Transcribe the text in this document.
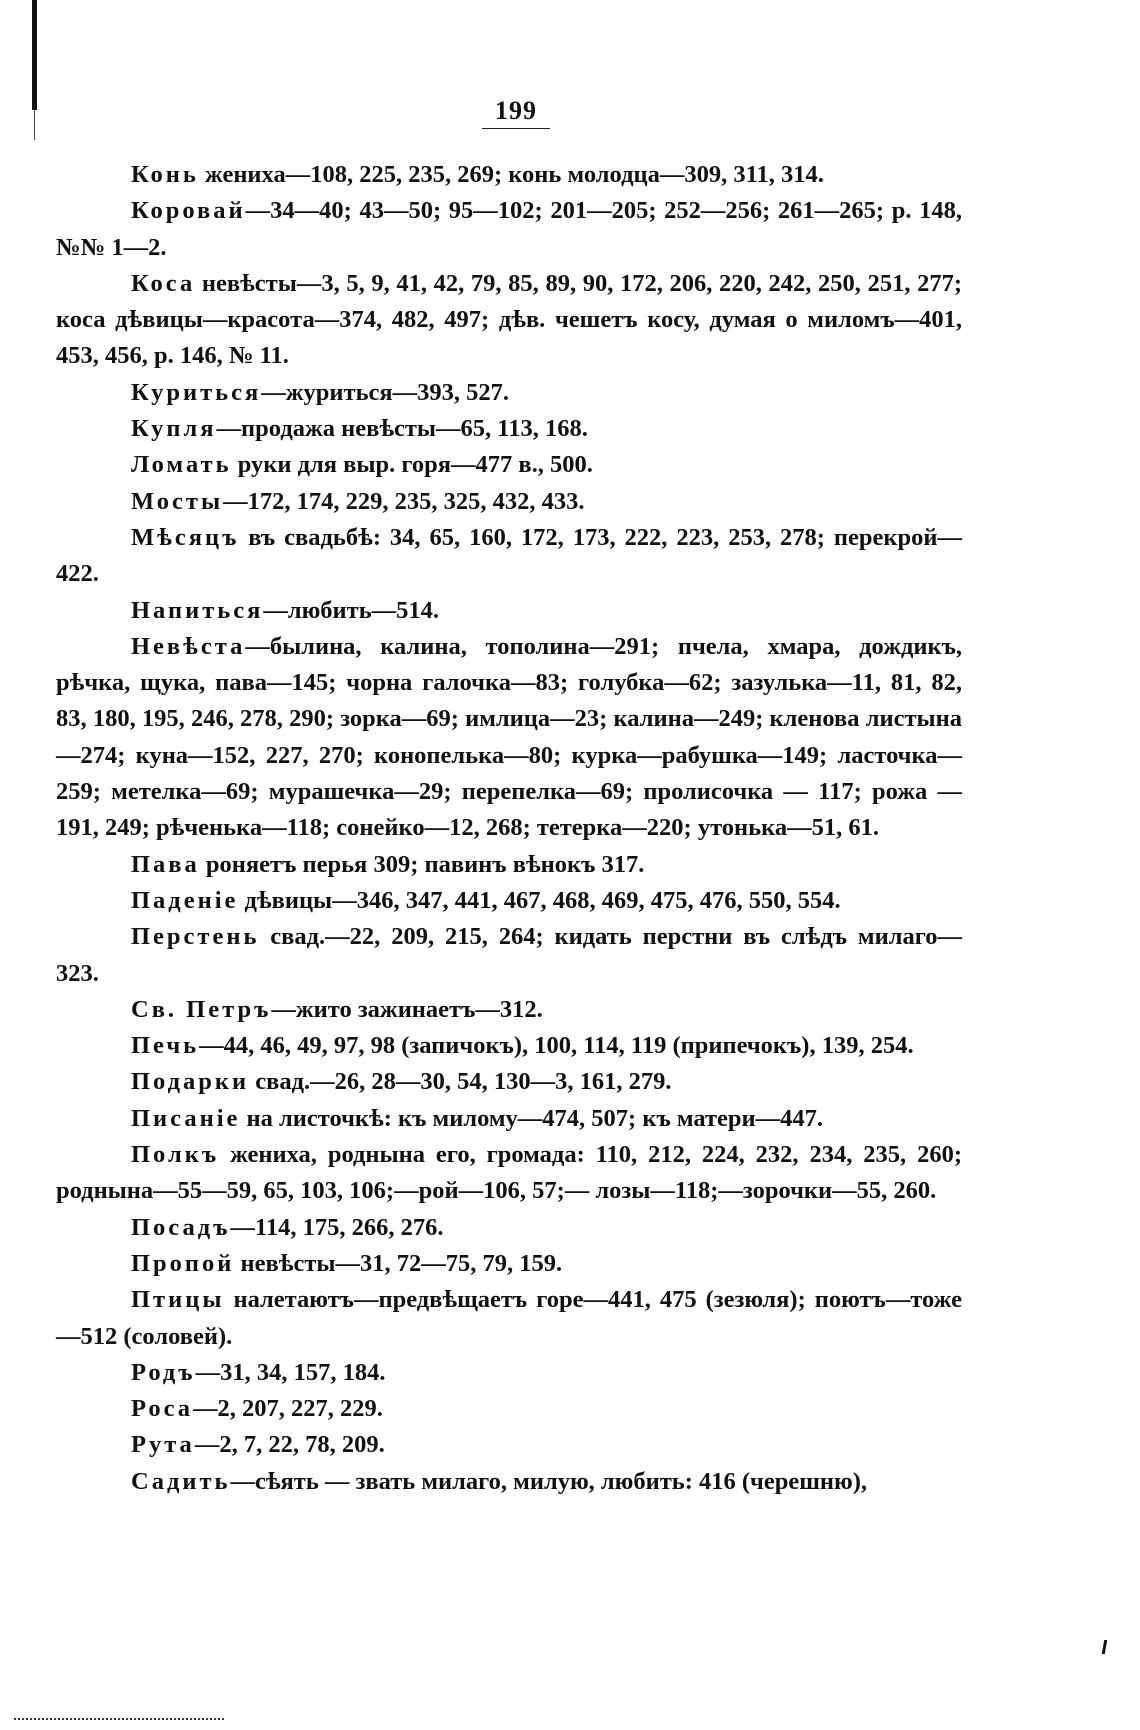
199

Конь жениха—108, 225, 235, 269; конь молодца—309, 311, 314.

Коровай—34—40; 43—50; 95—102; 201—205; 252—256; 261—265; р. 148, №№ 1—2.

Коса невѣсты—3, 5, 9, 41, 42, 79, 85, 89, 90, 172, 206, 220, 242, 250, 251, 277; коса дѣвицы—красота—374, 482, 497; дѣв. чешетъ косу, думая о миломъ—401, 453, 456, р. 146, № 11.

Куриться—журиться—393, 527.

Купля—продажа невѣсты—65, 113, 168.

Ломать руки для выр. горя—477 в., 500.

Мосты—172, 174, 229, 235, 325, 432, 433.

Мѣсяцъ въ свадьбѣ: 34, 65, 160, 172, 173, 222, 223, 253, 278; перекрой—422.

Напиться—любить—514.

Невѣста—былина, калина, тополина—291; пчела, хмара, дождикъ, рѣчка, щука, пава—145; чорна галочка—83; голубка—62; зазулька—11, 81, 82, 83, 180, 195, 246, 278, 290; зорка—69; имлица—23; калина—249; кленова листына—274; куна—152, 227, 270; конопелька—80; курка—рабушка—149; ласточка—259; метелка—69; мурашечка—29; перепелка—69; пролисочка — 117; рожа — 191, 249; рѣченька—118; сонейко—12, 268; тетерка—220; утонька—51, 61.

Пава роняетъ перья 309; павинъ вѣнокъ 317.

Паденіе дѣвицы—346, 347, 441, 467, 468, 469, 475, 476, 550, 554.

Перстень свад.—22, 209, 215, 264; кидать перстни въ слѣдъ милаго—323.

Св. Петръ—жито зажинаетъ—312.

Печь—44, 46, 49, 97, 98 (запичокъ), 100, 114, 119 (припечокъ), 139, 254.

Подарки свад.—26, 28—30, 54, 130—3, 161, 279.

Писаніе на листочкѣ: къ милому—474, 507; къ матери—447.

Полкъ жениха, роднына его, громада: 110, 212, 224, 232, 234, 235, 260; роднына—55—59, 65, 103, 106;—рой—106, 57;— лозы—118;—зорочки—55, 260.

Посадъ—114, 175, 266, 276.

Пропой невѣсты—31, 72—75, 79, 159.

Птицы налетаютъ—предвѣщаетъ горе—441, 475 (зезюля); поютъ—тоже—512 (соловей).

Родъ—31, 34, 157, 184.

Роса—2, 207, 227, 229.

Рута—2, 7, 22, 78, 209.

Садить—сѣять — звать милаго, милую, любить: 416 (черешню),
